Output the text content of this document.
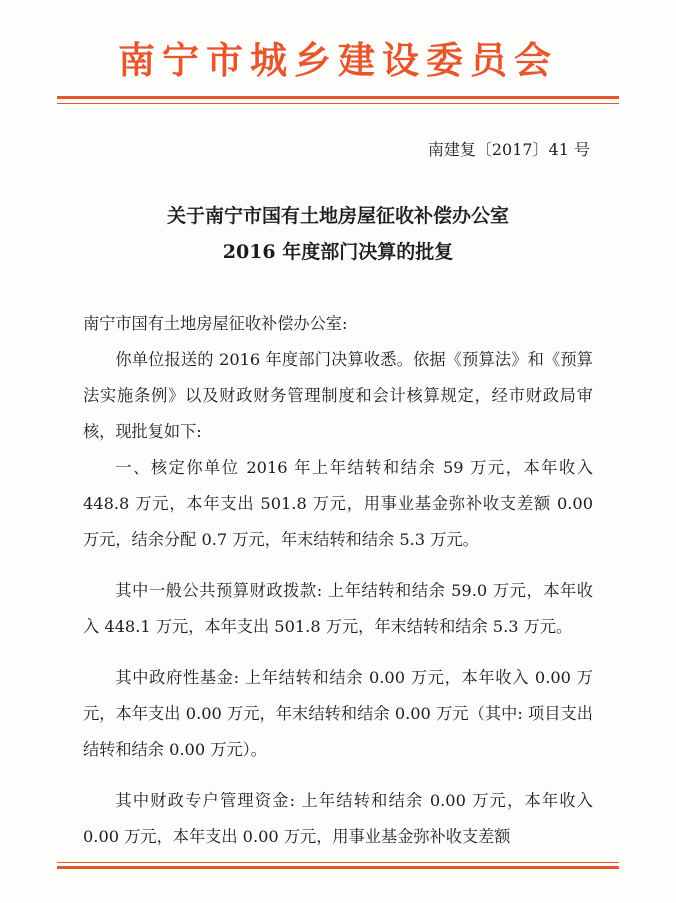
南宁市城乡建设委员会
南建复〔2017〕41 号
关于南宁市国有土地房屋征收补偿办公室
2016 年度部门决算的批复

南宁市国有土地房屋征收补偿办公室:

你单位报送的 2016 年度部门决算收悉。依据《预算法》和《预算法实施条例》以及财政财务管理制度和会计核算规定，经市财政局审核，现批复如下:

一、核定你单位 2016 年上年结转和结余 59 万元，本年收入 448.8 万元，本年支出 501.8 万元，用事业基金弥补收支差额 0.00 万元，结余分配 0.7 万元，年末结转和结余 5.3 万元。

其中一般公共预算财政拨款: 上年结转和结余 59.0 万元，本年收入 448.1 万元，本年支出 501.8 万元，年末结转和结余 5.3 万元。

其中政府性基金: 上年结转和结余 0.00 万元，本年收入 0.00 万元，本年支出 0.00 万元，年末结转和结余 0.00 万元（其中: 项目支出结转和结余 0.00 万元）。

其中财政专户管理资金: 上年结转和结余 0.00 万元，本年收入 0.00 万元，本年支出 0.00 万元，用事业基金弥补收支差额
